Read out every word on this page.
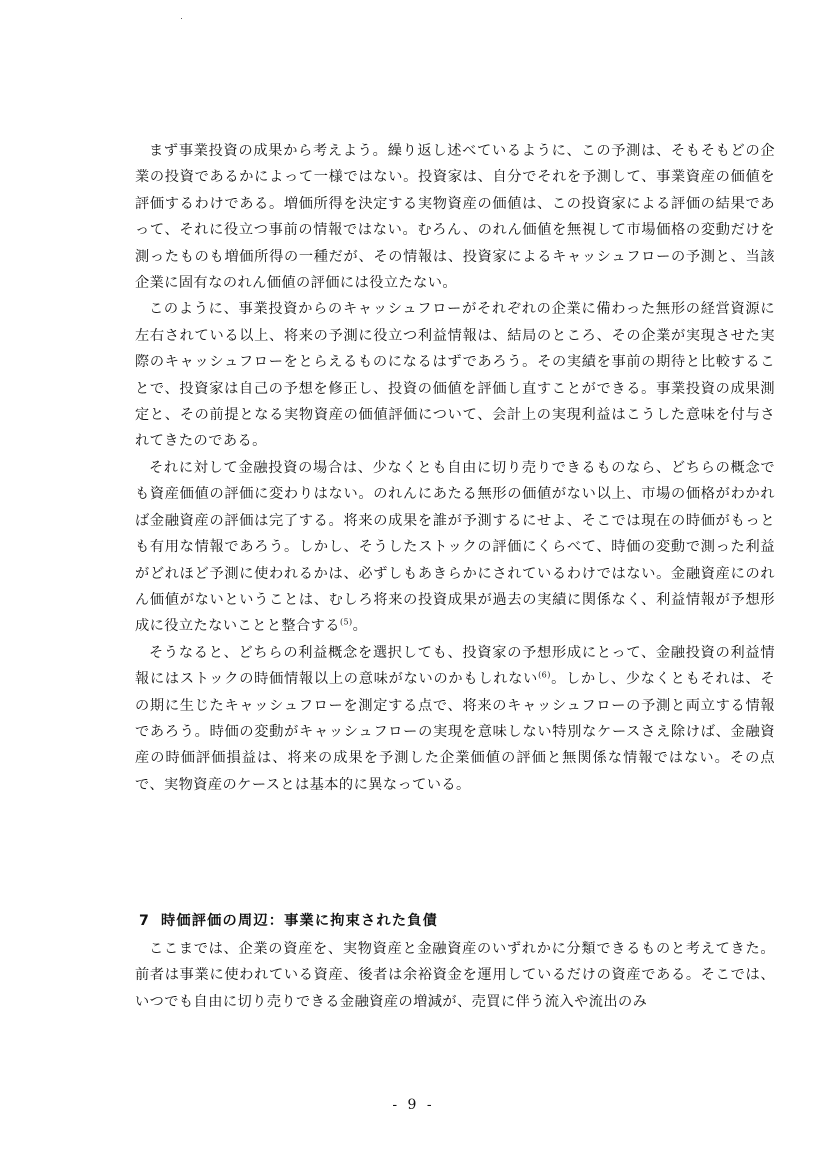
まず事業投資の成果から考えよう。繰り返し述べているように、この予測は、そもそもどの企業の投資であるかによって一様ではない。投資家は、自分でそれを予測して、事業資産の価値を評価するわけである。増価所得を決定する実物資産の価値は、この投資家による評価の結果であって、それに役立つ事前の情報ではない。むろん、のれん価値を無視して市場価格の変動だけを測ったものも増価所得の一種だが、その情報は、投資家によるキャッシュフローの予測と、当該企業に固有なのれん価値の評価には役立たない。

このように、事業投資からのキャッシュフローがそれぞれの企業に備わった無形の経営資源に左右されている以上、将来の予測に役立つ利益情報は、結局のところ、その企業が実現させた実際のキャッシュフローをとらえるものになるはずであろう。その実績を事前の期待と比較することで、投資家は自己の予想を修正し、投資の価値を評価し直すことができる。事業投資の成果測定と、その前提となる実物資産の価値評価について、会計上の実現利益はこうした意味を付与されてきたのである。

それに対して金融投資の場合は、少なくとも自由に切り売りできるものなら、どちらの概念でも資産価値の評価に変わりはない。のれんにあたる無形の価値がない以上、市場の価格がわかれば金融資産の評価は完了する。将来の成果を誰が予測するにせよ、そこでは現在の時価がもっとも有用な情報であろう。しかし、そうしたストックの評価にくらべて、時価の変動で測った利益がどれほど予測に使われるかは、必ずしもあきらかにされているわけではない。金融資産にのれん価値がないということは、むしろ将来の投資成果が過去の実績に関係なく、利益情報が予想形成に役立たないことと整合する$^{(5)}$。

そうなると、どちらの利益概念を選択しても、投資家の予想形成にとって、金融投資の利益情報にはストックの時価情報以上の意味がないのかもしれない$^{(6)}$。しかし、少なくともそれは、その期に生じたキャッシュフローを測定する点で、将来のキャッシュフローの予測と両立する情報であろう。時価の変動がキャッシュフローの実現を意味しない特別なケースさえ除けば、金融資産の時価評価損益は、将来の成果を予測した企業価値の評価と無関係な情報ではない。その点で、実物資産のケースとは基本的に異なっている。

7 時価評価の周辺：事業に拘束された負債

ここまでは、企業の資産を、実物資産と金融資産のいずれかに分類できるものと考えてきた。前者は事業に使われている資産、後者は余裕資金を運用しているだけの資産である。そこでは、いつでも自由に切り売りできる金融資産の増減が、売買に伴う流入や流出のみ

- 9 -
